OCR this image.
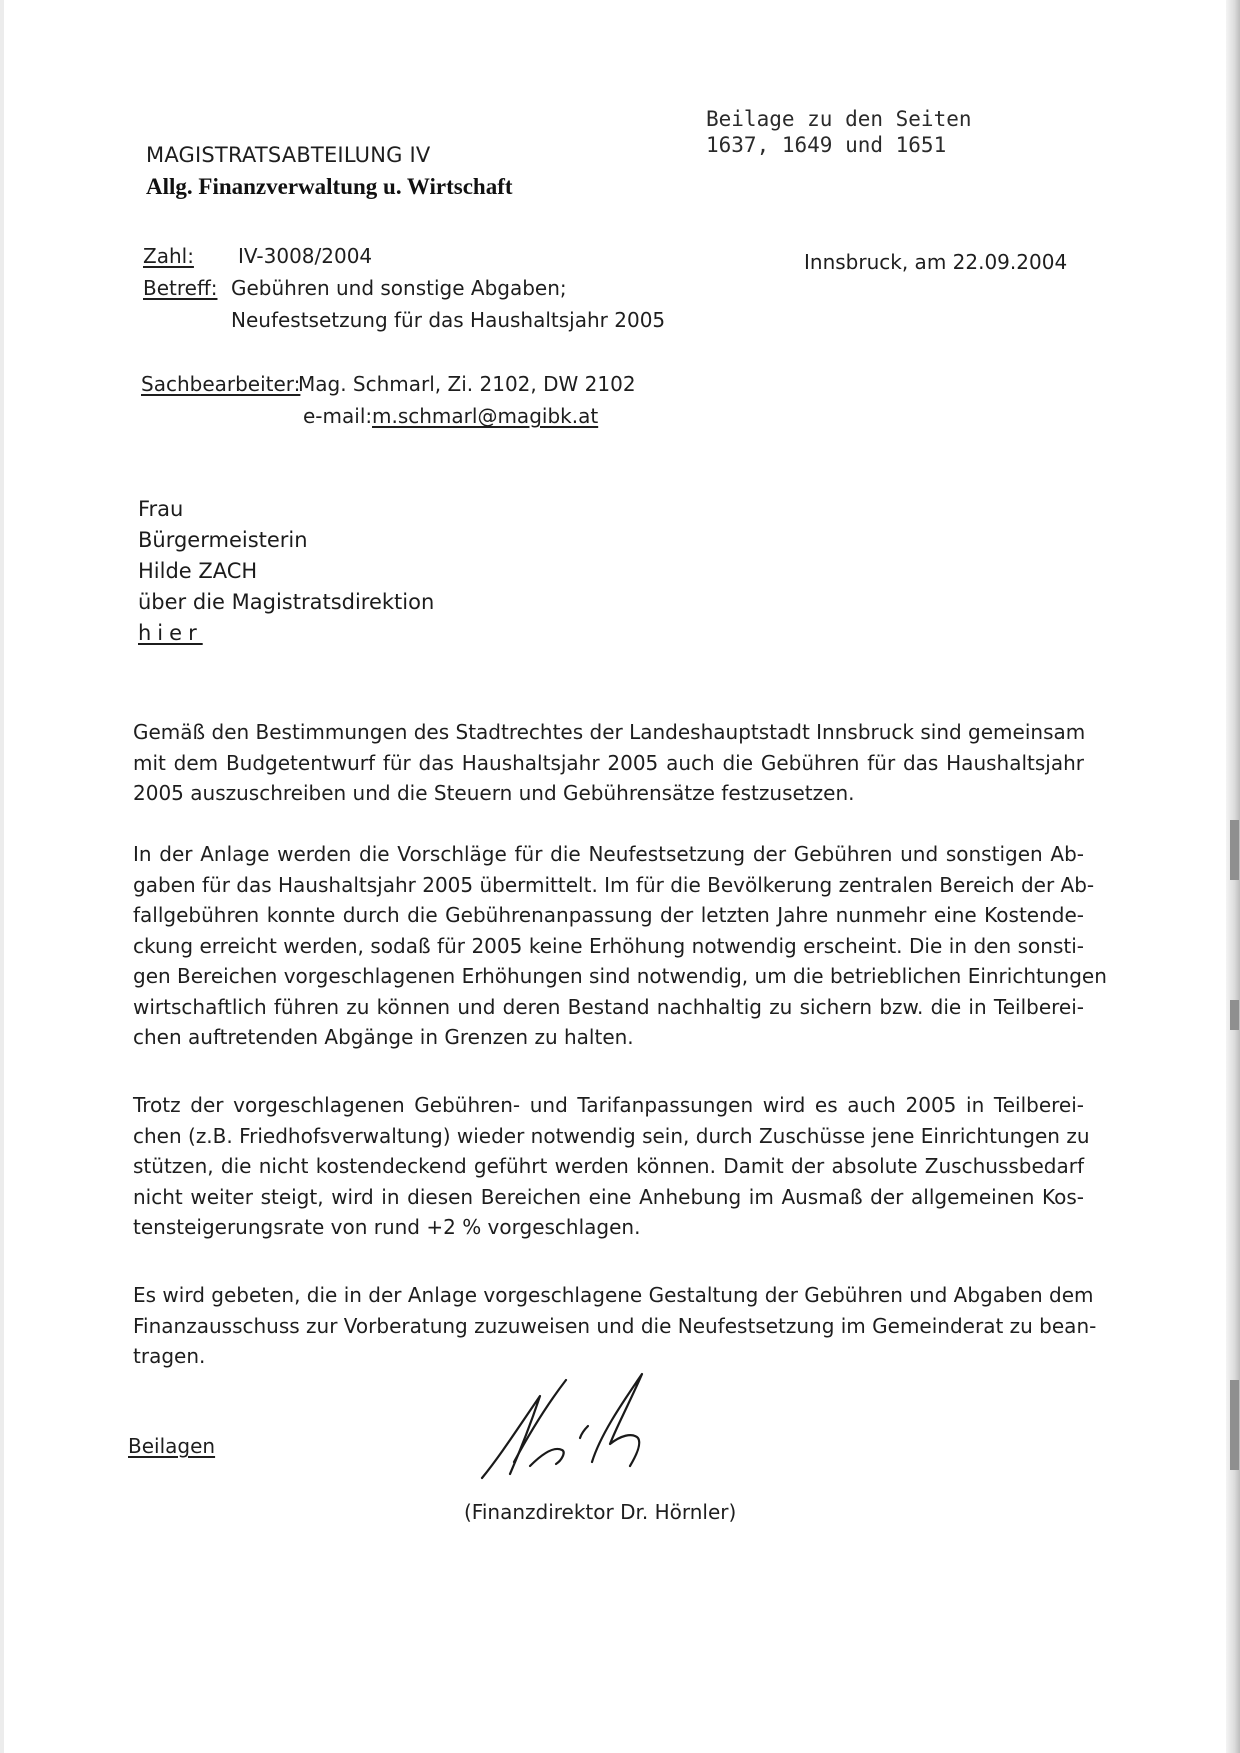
Beilage zu den Seiten
1637, 1649 und 1651
MAGISTRATSABTEILUNG IV
Allg. Finanzverwaltung u. Wirtschaft
Zahl: IV-3008/2004
Betreff: Gebühren und sonstige Abgaben;
Neufestsetzung für das Haushaltsjahr 2005
Innsbruck, am 22.09.2004
Sachbearbeiter:
Mag. Schmarl, Zi. 2102, DW 2102
e-mail: m.schmarl@magibk.at
Frau
Bürgermeisterin
Hilde ZACH
über die Magistratsdirektion
hier
Gemäß den Bestimmungen des Stadtrechtes der Landeshauptstadt Innsbruck sind gemeinsam
mit dem Budgetentwurf für das Haushaltsjahr 2005 auch die Gebühren für das Haushaltsjahr
2005 auszuschreiben und die Steuern und Gebührensätze festzusetzen.
In der Anlage werden die Vorschläge für die Neufestsetzung der Gebühren und sonstigen Ab-
gaben für das Haushaltsjahr 2005 übermittelt. Im für die Bevölkerung zentralen Bereich der Ab-
fallgebühren konnte durch die Gebührenanpassung der letzten Jahre nunmehr eine Kostende-
ckung erreicht werden, sodaß für 2005 keine Erhöhung notwendig erscheint. Die in den sonsti-
gen Bereichen vorgeschlagenen Erhöhungen sind notwendig, um die betrieblichen Einrichtungen
wirtschaftlich führen zu können und deren Bestand nachhaltig zu sichern bzw. die in Teilberei-
chen auftretenden Abgänge in Grenzen zu halten.
Trotz der vorgeschlagenen Gebühren- und Tarifanpassungen wird es auch 2005 in Teilberei-
chen (z.B. Friedhofsverwaltung) wieder notwendig sein, durch Zuschüsse jene Einrichtungen zu
stützen, die nicht kostendeckend geführt werden können. Damit der absolute Zuschussbedarf
nicht weiter steigt, wird in diesen Bereichen eine Anhebung im Ausmaß der allgemeinen Kos-
tensteigerungsrate von rund +2 % vorgeschlagen.
Es wird gebeten, die in der Anlage vorgeschlagene Gestaltung der Gebühren und Abgaben dem
Finanzausschuss zur Vorberatung zuzuweisen und die Neufestsetzung im Gemeinderat zu bean-
tragen.
Beilagen
(Finanzdirektor Dr. Hörnler)
